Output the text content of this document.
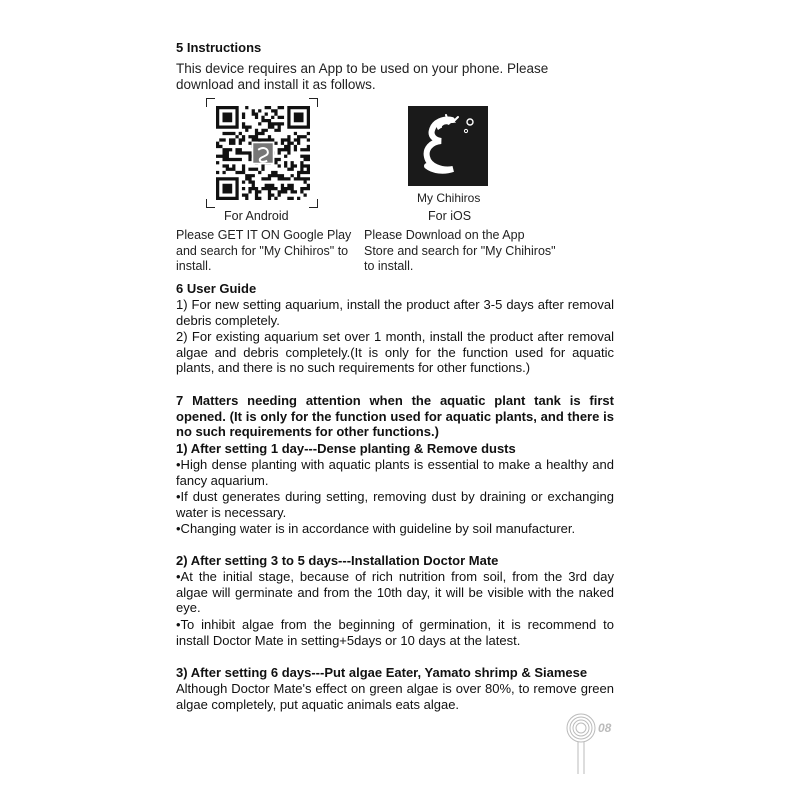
5 Instructions
This device requires an App to be used on your phone. Please
download and install it as follows.
For Android
Please GET IT ON Google Play
and search for "My Chihiros" to
install.
My Chihiros
For iOS
Please Download on the App
Store and search for "My Chihiros"
to install.
6 User Guide
1) For new setting aquarium, install the product after 3-5 days after removal debris completely.
2) For existing aquarium set over 1 month, install the product after removal algae and debris completely.(It is only for the function used for aquatic plants, and there is no such requirements for other functions.)
7 Matters needing attention when the aquatic plant tank is first opened. (It is only for the function used for aquatic plants, and there is no such requirements for other functions.)
1) After setting 1 day---Dense planting & Remove dusts
•High dense planting with aquatic plants is essential to make a healthy and fancy aquarium.
•If dust generates during setting, removing dust by draining or exchanging water is necessary.
•Changing water is in accordance with guideline by soil manufacturer.
2) After setting 3 to 5 days---Installation Doctor Mate
•At the initial stage, because of rich nutrition from soil, from the 3rd day algae will germinate and from the 10th day, it will be visible with the naked eye.
•To inhibit algae from the beginning of germination, it is recommend to install Doctor Mate in setting+5days or 10 days at the latest.
3) After setting 6 days---Put algae Eater, Yamato shrimp & Siamese
Although Doctor Mate's effect on green algae is over 80%, to remove green algae completely, put aquatic animals eats algae.
08
